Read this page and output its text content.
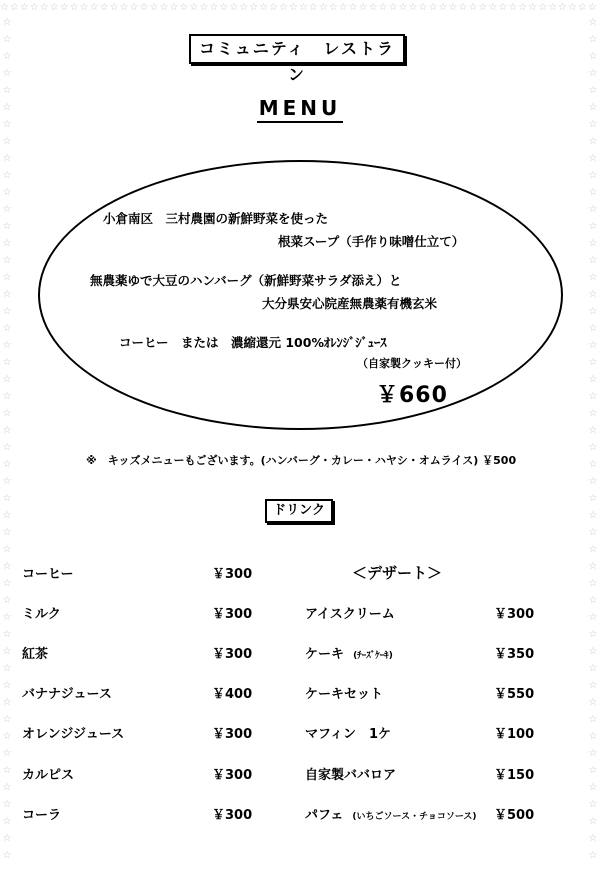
☆☆☆☆☆☆☆☆☆☆☆☆☆☆☆☆☆☆☆☆☆☆☆☆☆☆☆☆☆☆☆☆☆☆☆☆☆☆☆☆☆☆☆☆☆☆☆☆☆☆☆☆☆☆☆☆☆☆☆☆
☆
☆
☆
☆
☆
☆
☆
☆
☆
☆
☆
☆
☆
☆
☆
☆
☆
☆
☆
☆
☆
☆
☆
☆
☆
☆
☆
☆
☆
☆
☆
☆
☆
☆
☆
☆
☆
☆
☆
☆
☆
☆
☆
☆
☆
☆
☆
☆
☆
☆
☆
☆
☆
☆
☆
☆
☆
☆
☆
☆
☆
☆
☆
☆
☆
☆
☆
☆
☆
☆
☆
☆
☆
☆
☆
☆
☆
☆
☆
☆
☆
☆
☆
☆
☆
☆
☆
☆
☆
☆
☆
☆
☆
☆
☆
☆
☆
☆
☆
☆
コミュニティ　レストラン
MENU
小倉南区　三村農園の新鮮野菜を使った
根菜スープ（手作り味噌仕立て）
無農薬ゆで大豆のハンバーグ（新鮮野菜サラダ添え）と
大分県安心院産無農薬有機玄米
コーヒー　または　濃縮還元 100%ｵﾚﾝｼﾞｼﾞｭｰｽ
（自家製クッキー付）
￥660
※　キッズメニューもございます。(ハンバーグ・カレー・ハヤシ・オムライス) ￥500
ドリンク
コーヒー	￥300
ミルク	￥300
紅茶	￥300
バナナジュース	￥400
オレンジジュース	￥300
カルピス	￥300
コーラ	￥300
＜デザート＞
アイスクリーム	￥300
ケーキ (ﾁｰｽﾞｹｰｷ)	￥350
ケーキセット	￥550
マフィン　1ケ	￥100
自家製ババロア	￥150
パフェ (いちごソース・チョコソース) ￥500
